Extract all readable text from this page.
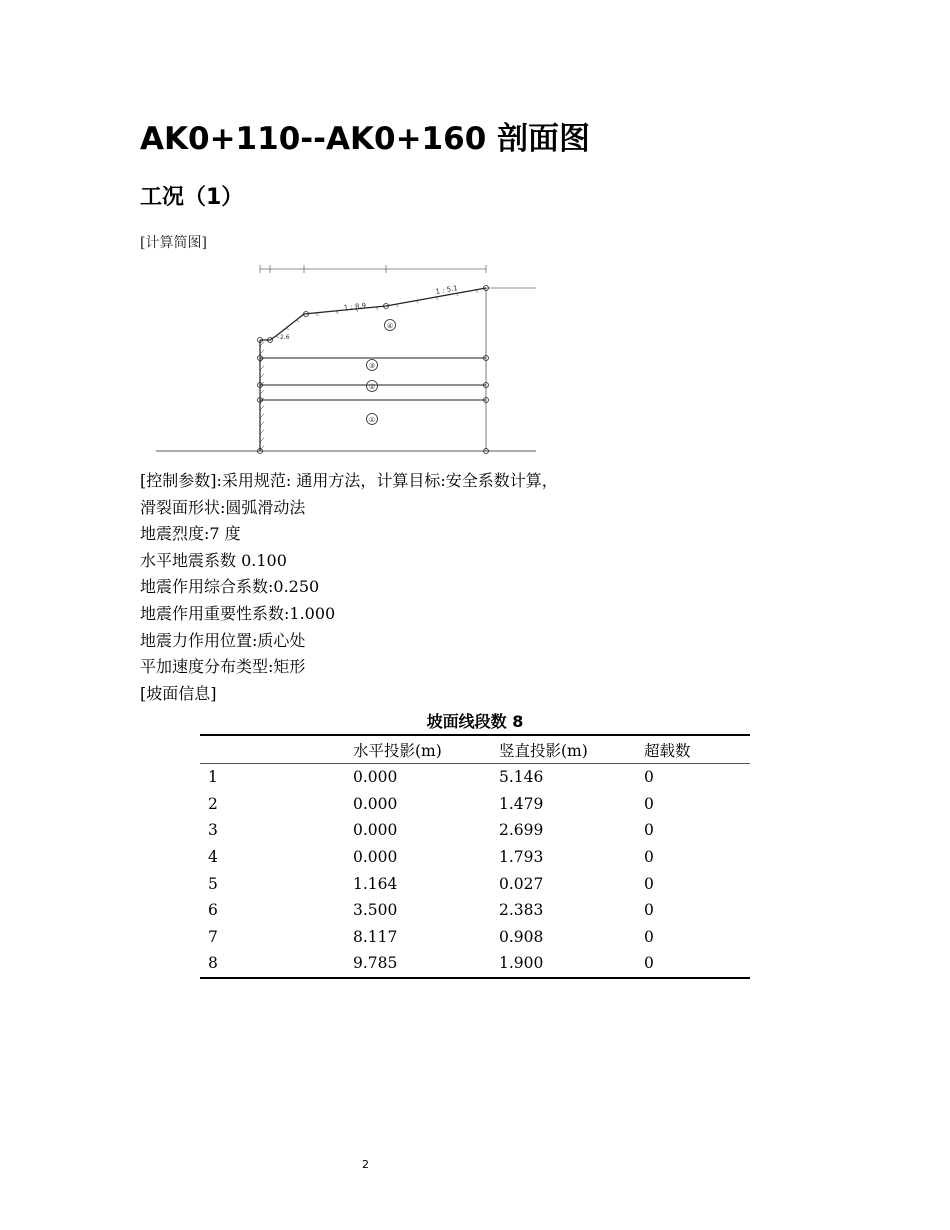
AK0+110--AK0+160 剖面图
工况（1）
[计算简图]
1 : 8.9
1 : 5.1
2.6
④
③
②
①
[控制参数]:采用规范: 通用方法，计算目标:安全系数计算，
滑裂面形状:圆弧滑动法
地震烈度:7 度
水平地震系数 0.100
地震作用综合系数:0.250
地震作用重要性系数:1.000
地震力作用位置:质心处
平加速度分布类型:矩形
[坡面信息]
坡面线段数 8
	水平投影(m)	竖直投影(m)	超载数
1	0.000	5.146	0
2	0.000	1.479	0
3	0.000	2.699	0
4	0.000	1.793	0
5	1.164	0.027	0
6	3.500	2.383	0
7	8.117	0.908	0
8	9.785	1.900	0
2
